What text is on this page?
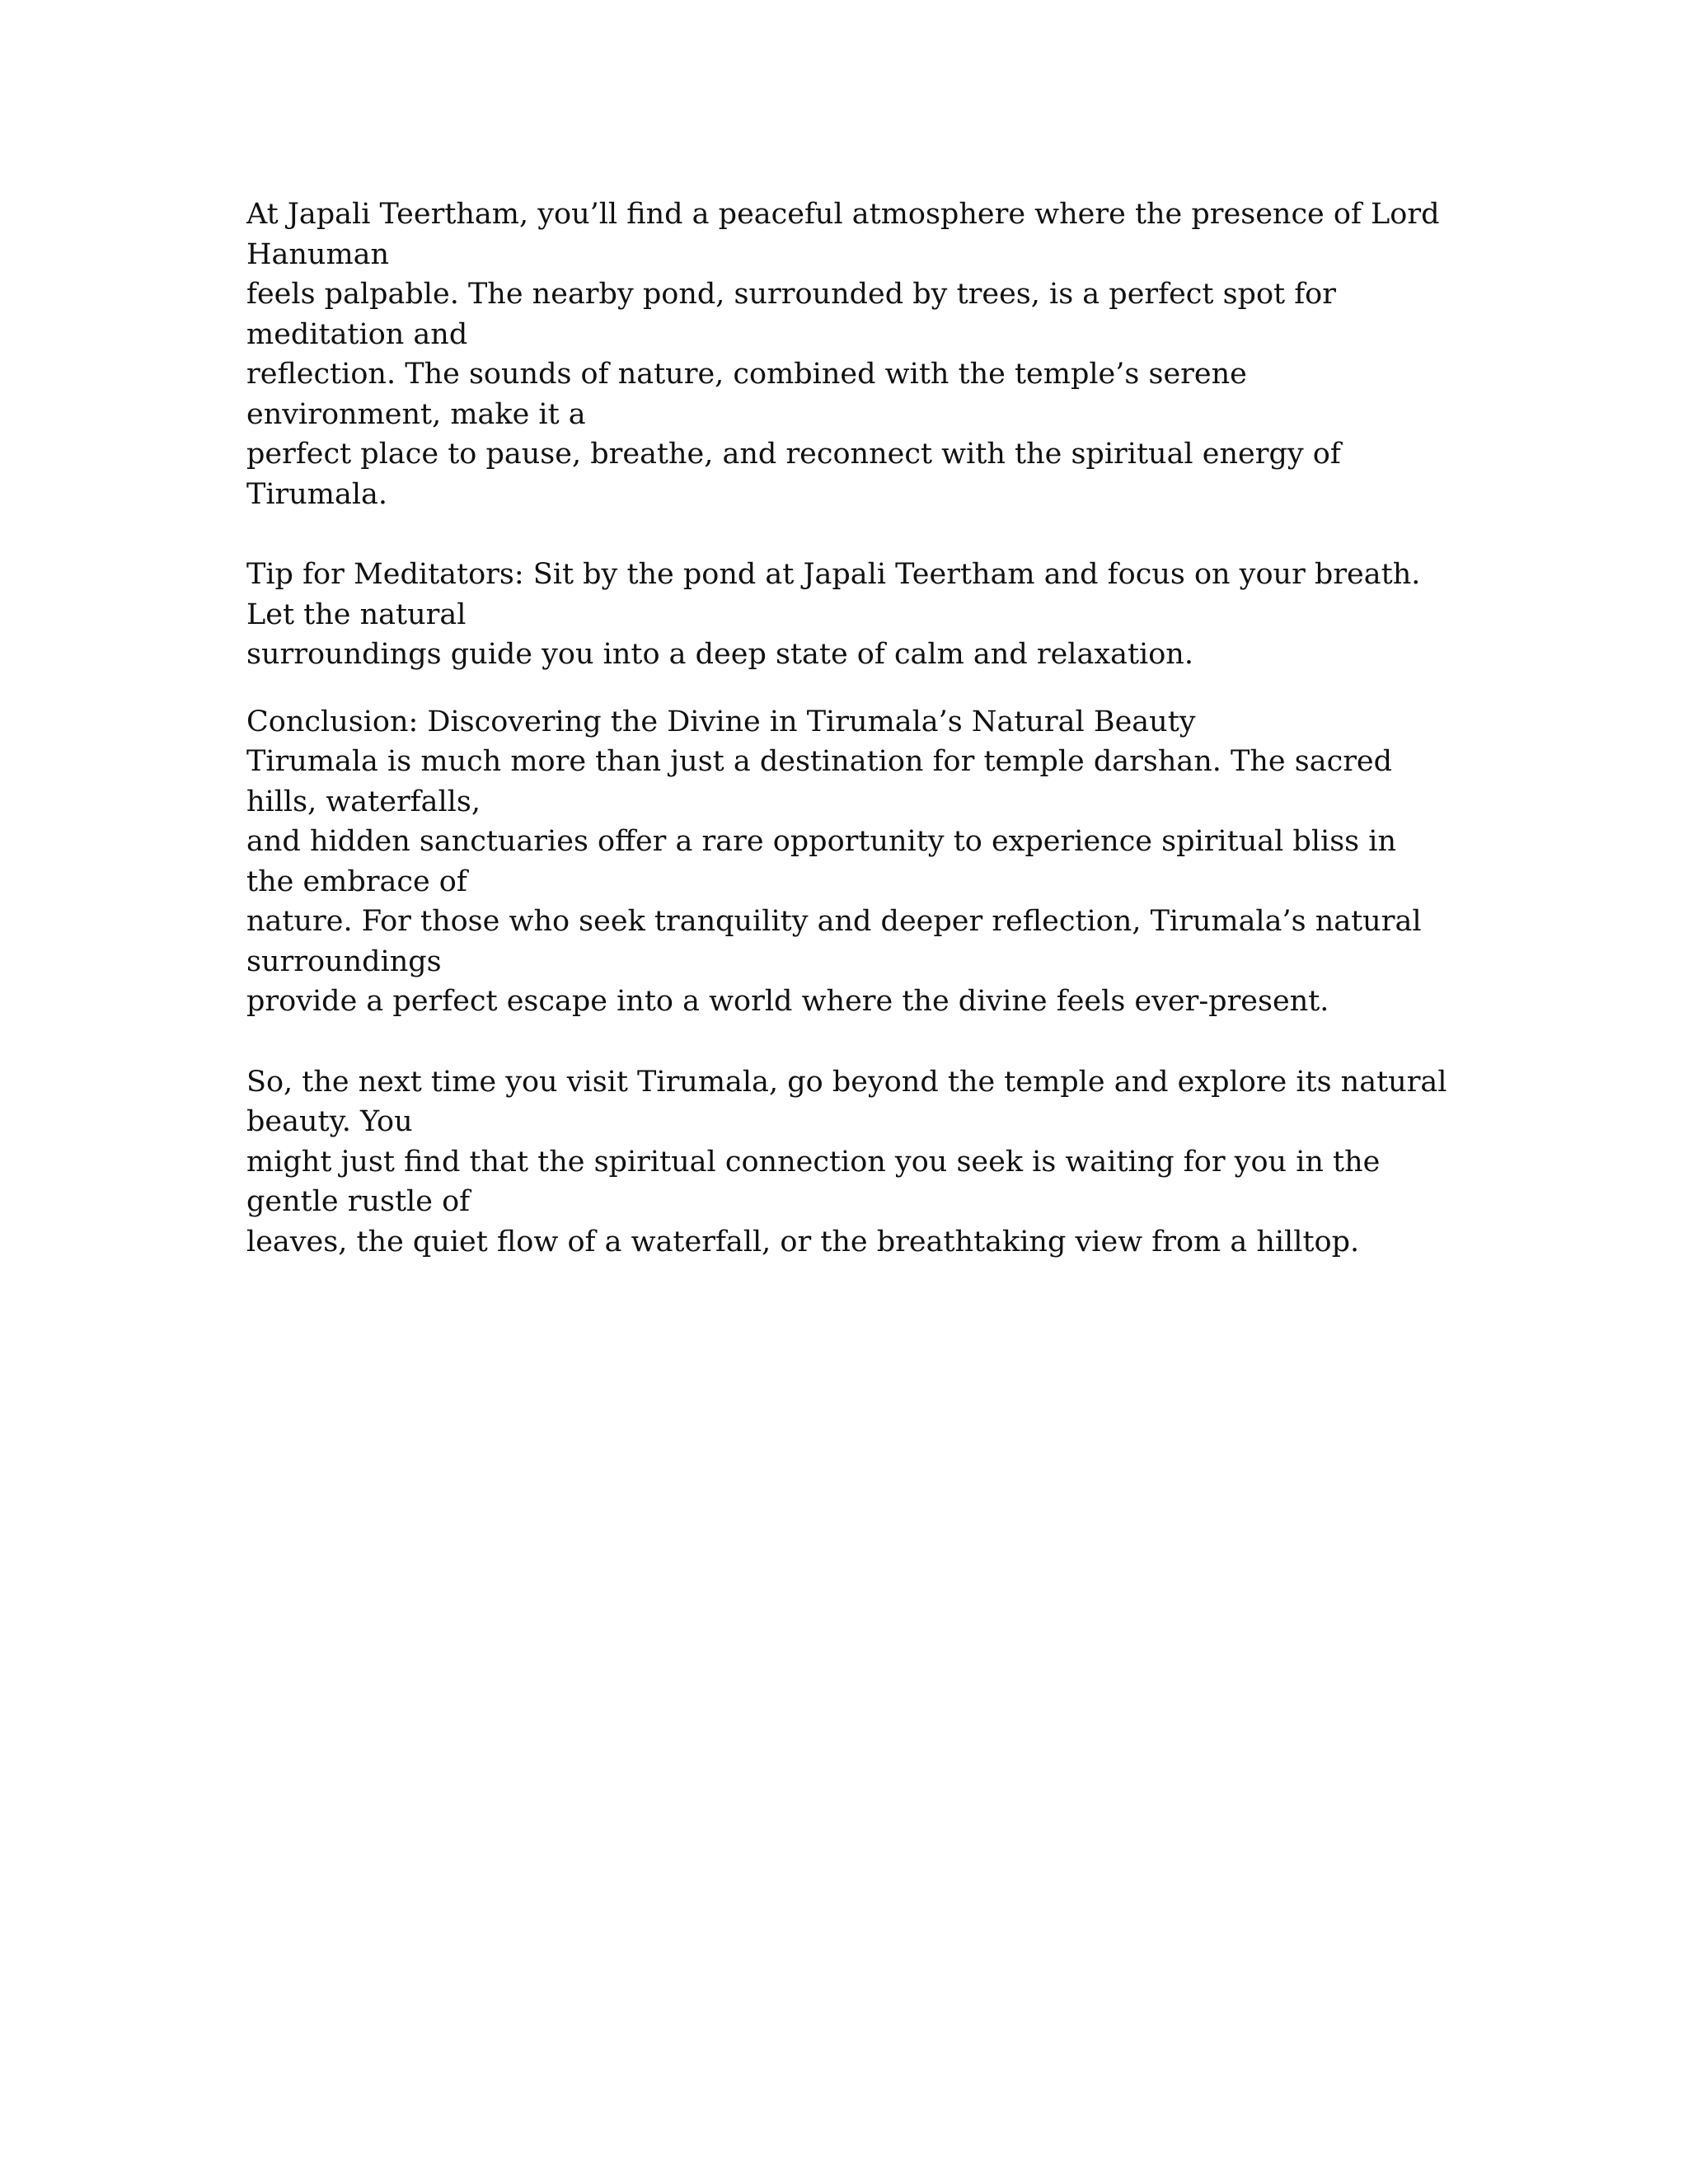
At Japali Teertham, you’ll find a peaceful atmosphere where the presence of Lord Hanuman
feels palpable. The nearby pond, surrounded by trees, is a perfect spot for meditation and
reflection. The sounds of nature, combined with the temple’s serene environment, make it a
perfect place to pause, breathe, and reconnect with the spiritual energy of Tirumala.

Tip for Meditators: Sit by the pond at Japali Teertham and focus on your breath. Let the natural
surroundings guide you into a deep state of calm and relaxation.

Conclusion: Discovering the Divine in Tirumala’s Natural Beauty

Tirumala is much more than just a destination for temple darshan. The sacred hills, waterfalls,
and hidden sanctuaries offer a rare opportunity to experience spiritual bliss in the embrace of
nature. For those who seek tranquility and deeper reflection, Tirumala’s natural surroundings
provide a perfect escape into a world where the divine feels ever-present.

So, the next time you visit Tirumala, go beyond the temple and explore its natural beauty. You
might just find that the spiritual connection you seek is waiting for you in the gentle rustle of
leaves, the quiet flow of a waterfall, or the breathtaking view from a hilltop.
